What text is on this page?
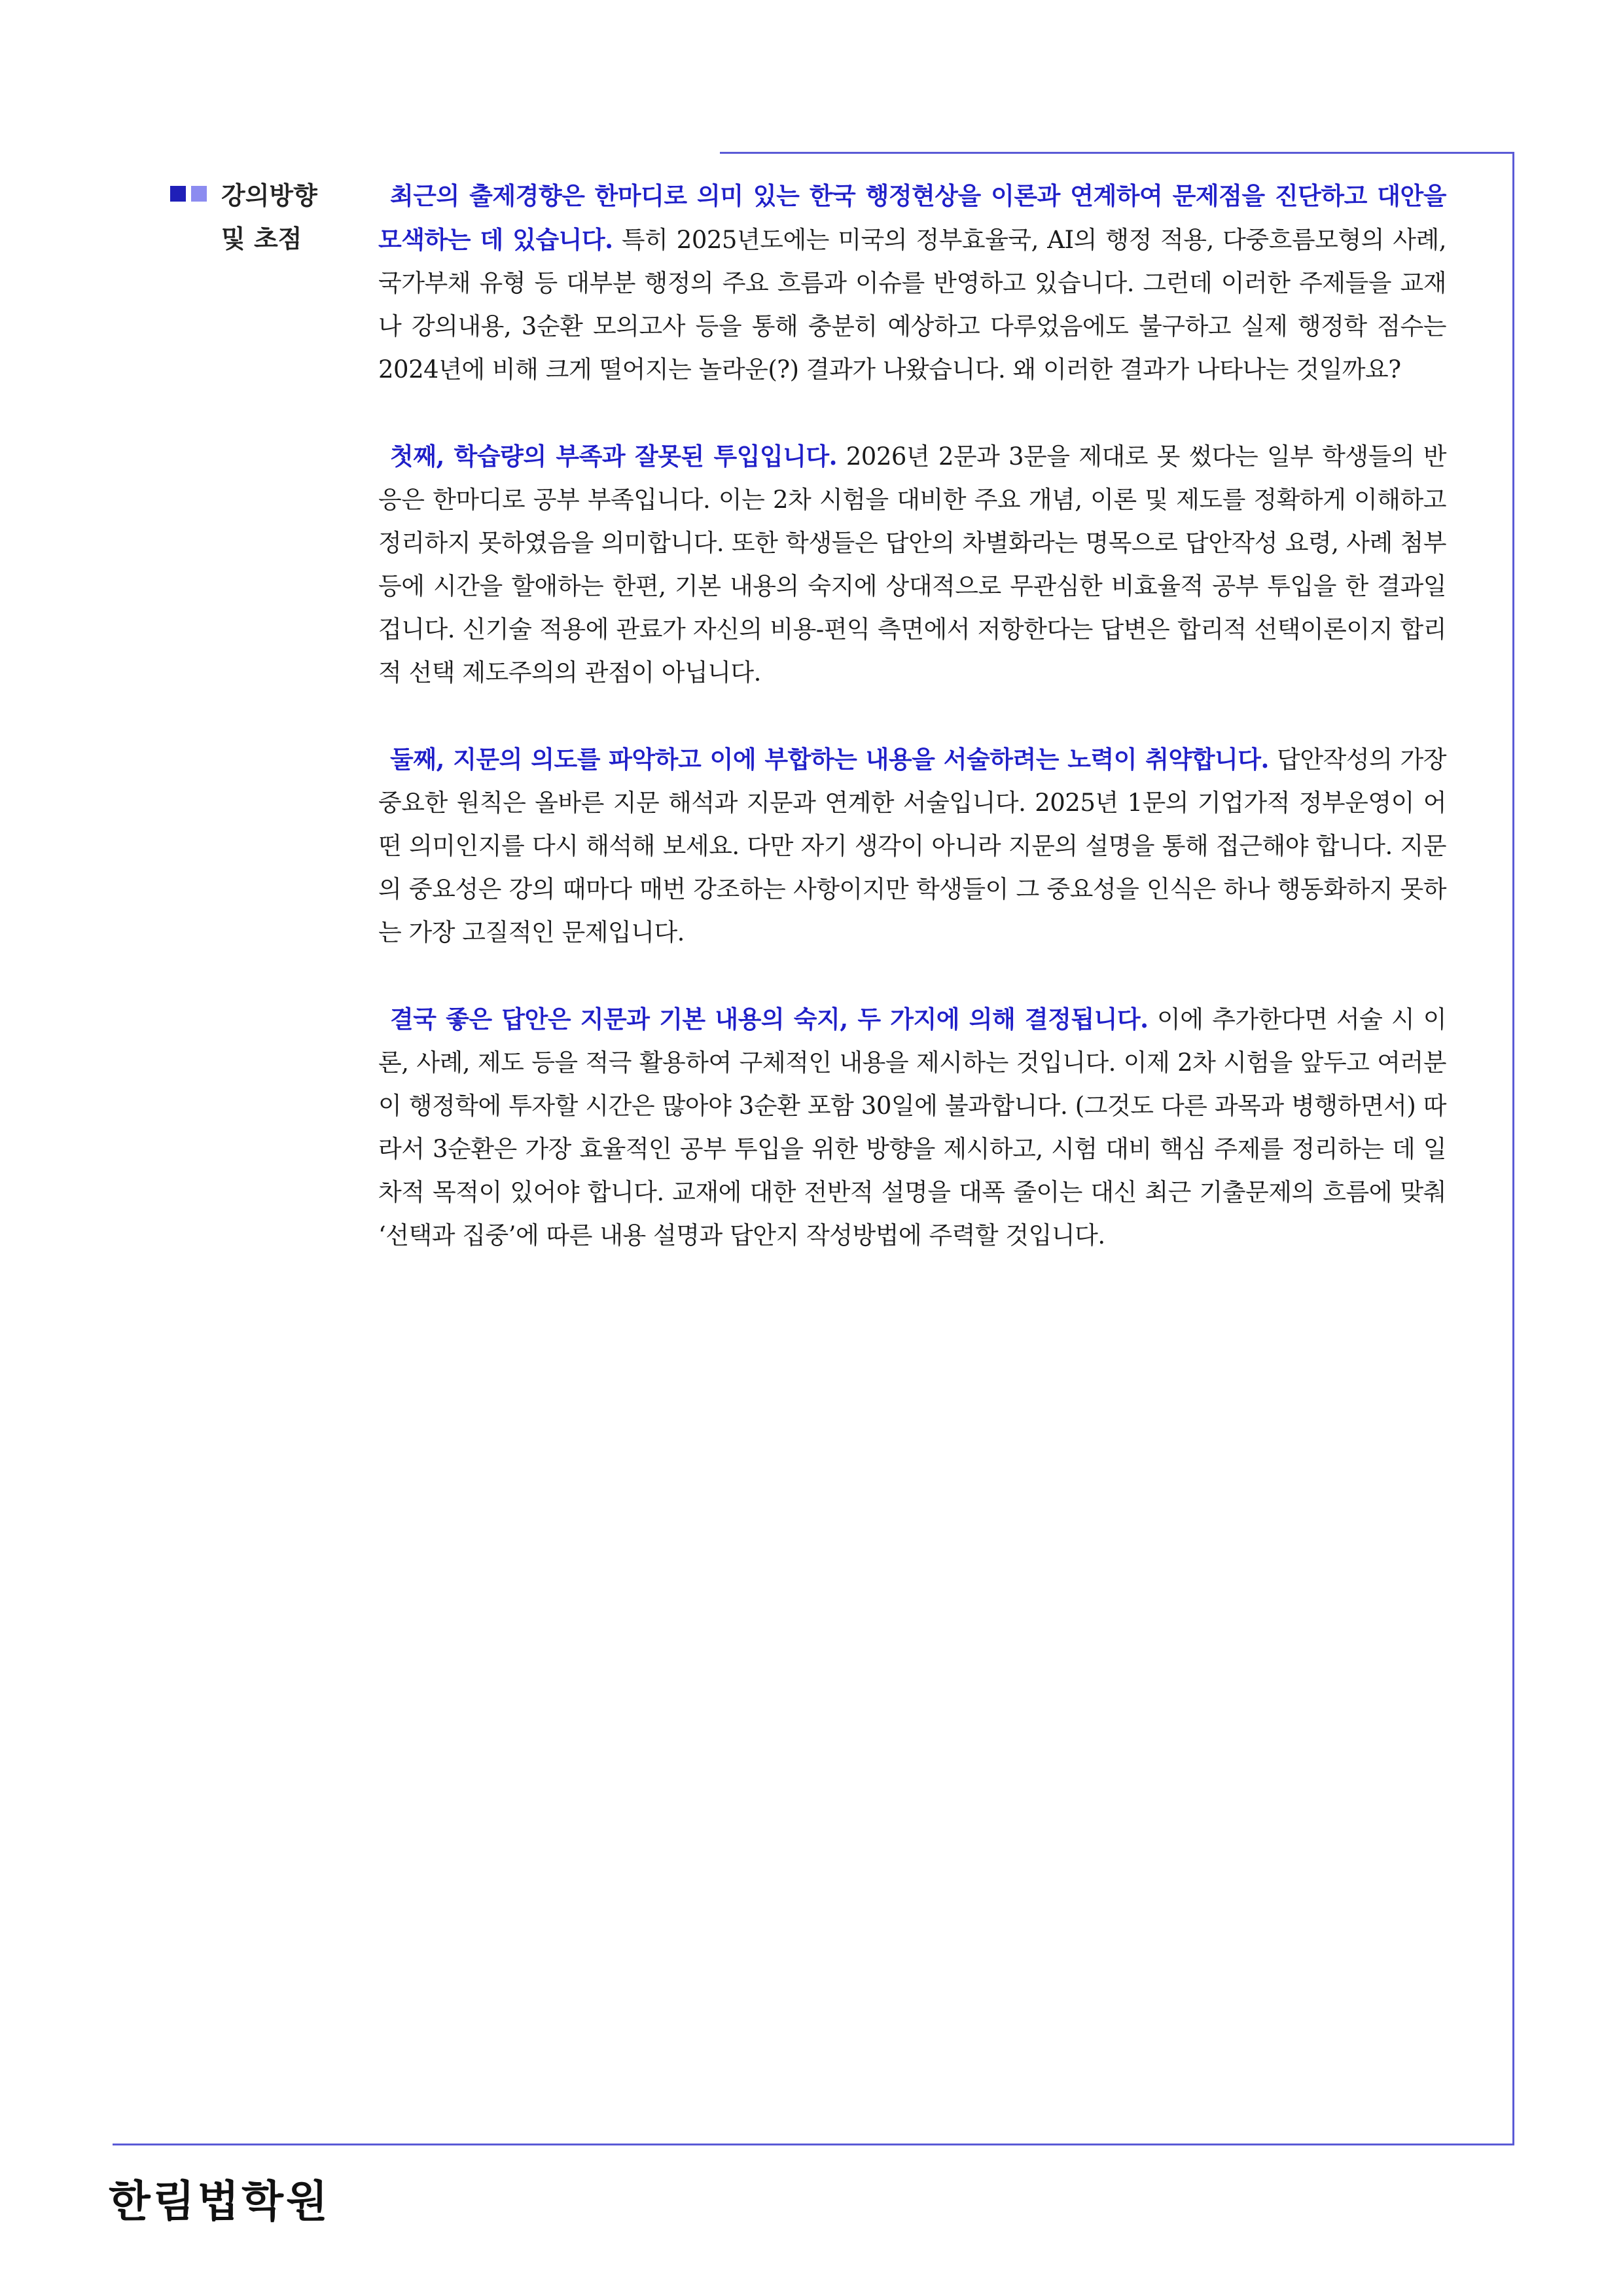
강의방향
및 초점

최근의 출제경향은 한마디로 의미 있는 한국 행정현상을 이론과 연계하여 문제점을 진단하고 대안을 모색하는 데 있습니다. 특히 2025년도에는 미국의 정부효율국, AI의 행정 적용, 다중흐름모형의 사례, 국가부채 유형 등 대부분 행정의 주요 흐름과 이슈를 반영하고 있습니다. 그런데 이러한 주제들을 교재나 강의내용, 3순환 모의고사 등을 통해 충분히 예상하고 다루었음에도 불구하고 실제 행정학 점수는 2024년에 비해 크게 떨어지는 놀라운(?) 결과가 나왔습니다. 왜 이러한 결과가 나타나는 것일까요?

첫째, 학습량의 부족과 잘못된 투입입니다. 2026년 2문과 3문을 제대로 못 썼다는 일부 학생들의 반응은 한마디로 공부 부족입니다. 이는 2차 시험을 대비한 주요 개념, 이론 및 제도를 정확하게 이해하고 정리하지 못하였음을 의미합니다. 또한 학생들은 답안의 차별화라는 명목으로 답안작성 요령, 사례 첨부 등에 시간을 할애하는 한편, 기본 내용의 숙지에 상대적으로 무관심한 비효율적 공부 투입을 한 결과일 겁니다. 신기술 적용에 관료가 자신의 비용-편익 측면에서 저항한다는 답변은 합리적 선택이론이지 합리적 선택 제도주의의 관점이 아닙니다.

둘째, 지문의 의도를 파악하고 이에 부합하는 내용을 서술하려는 노력이 취약합니다. 답안작성의 가장 중요한 원칙은 올바른 지문 해석과 지문과 연계한 서술입니다. 2025년 1문의 기업가적 정부운영이 어떤 의미인지를 다시 해석해 보세요. 다만 자기 생각이 아니라 지문의 설명을 통해 접근해야 합니다. 지문의 중요성은 강의 때마다 매번 강조하는 사항이지만 학생들이 그 중요성을 인식은 하나 행동화하지 못하는 가장 고질적인 문제입니다.

결국 좋은 답안은 지문과 기본 내용의 숙지, 두 가지에 의해 결정됩니다. 이에 추가한다면 서술 시 이론, 사례, 제도 등을 적극 활용하여 구체적인 내용을 제시하는 것입니다. 이제 2차 시험을 앞두고 여러분이 행정학에 투자할 시간은 많아야 3순환 포함 30일에 불과합니다. (그것도 다른 과목과 병행하면서) 따라서 3순환은 가장 효율적인 공부 투입을 위한 방향을 제시하고, 시험 대비 핵심 주제를 정리하는 데 일차적 목적이 있어야 합니다. 교재에 대한 전반적 설명을 대폭 줄이는 대신 최근 기출문제의 흐름에 맞춰 ‘선택과 집중’에 따른 내용 설명과 답안지 작성방법에 주력할 것입니다.

한림법학원
